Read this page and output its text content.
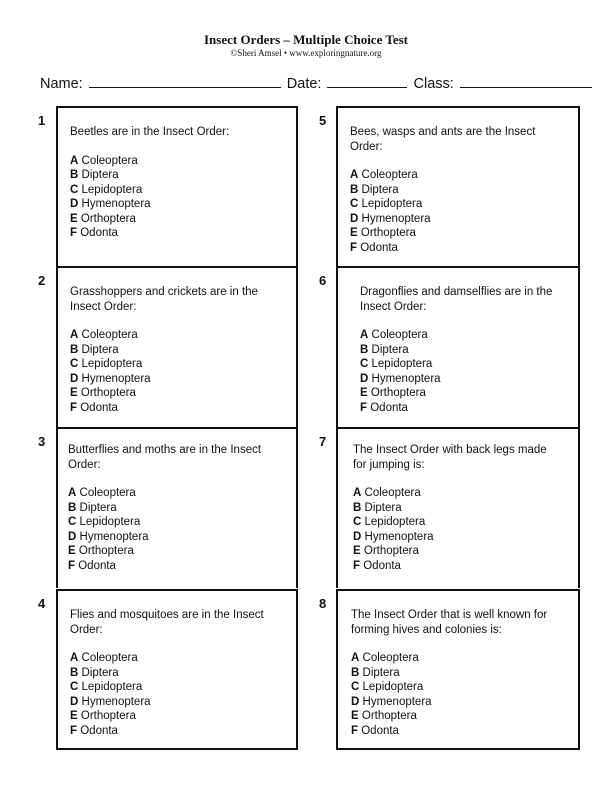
Insect Orders – Multiple Choice Test
©Sheri Amsel • www.exploringnature.org
Name:	Date:	Class:
1
Beetles are in the Insect Order:
A Coleoptera
B Diptera
C Lepidoptera
D Hymenoptera
E Orthoptera
F Odonta
2
Grasshoppers and crickets are in the Insect Order:
A Coleoptera
B Diptera
C Lepidoptera
D Hymenoptera
E Orthoptera
F Odonta
3
Butterflies and moths are in the Insect Order:
A Coleoptera
B Diptera
C Lepidoptera
D Hymenoptera
E Orthoptera
F Odonta
4
Flies and mosquitoes are in the Insect Order:
A Coleoptera
B Diptera
C Lepidoptera
D Hymenoptera
E Orthoptera
F Odonta
5
Bees, wasps and ants are the Insect Order:
A Coleoptera
B Diptera
C Lepidoptera
D Hymenoptera
E Orthoptera
F Odonta
6
Dragonflies and damselflies are in the Insect Order:
A Coleoptera
B Diptera
C Lepidoptera
D Hymenoptera
E Orthoptera
F Odonta
7
The Insect Order with back legs made for jumping is:
A Coleoptera
B Diptera
C Lepidoptera
D Hymenoptera
E Orthoptera
F Odonta
8
The Insect Order that is well known for forming hives and colonies is:
A Coleoptera
B Diptera
C Lepidoptera
D Hymenoptera
E Orthoptera
F Odonta
